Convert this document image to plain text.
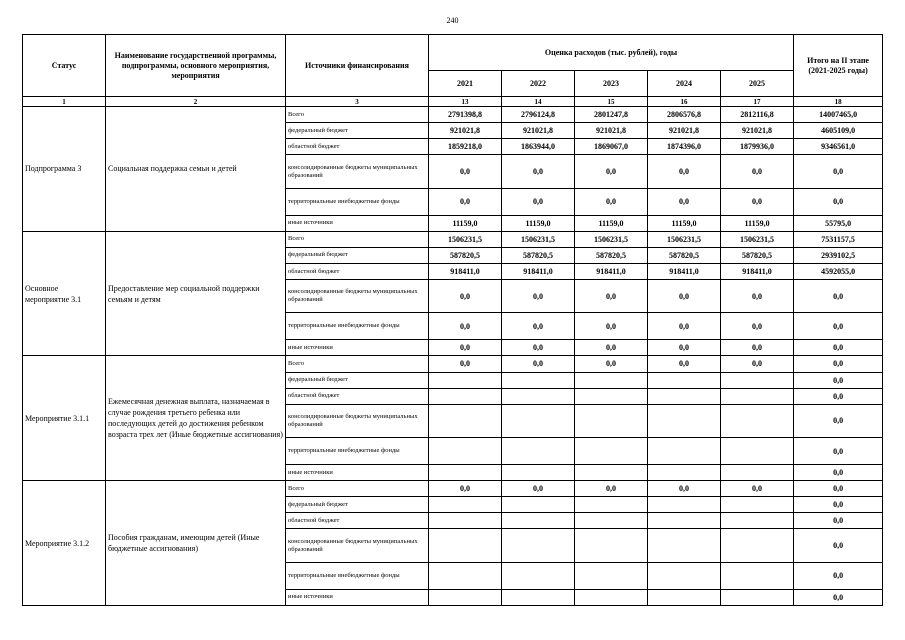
240
Статус	Наименование государственной программы, подпрограммы, основного мероприятия, мероприятия	Источники финансирования	Оценка расходов (тыс. рублей), годы					Итого на II этапе (2021-2025 годы)
			2021	2022	2023	2024	2025	
1	2	3	13	14	15	16	17	18
Подпрограмма 3	Социальная поддержка семьи и детей	Всего	2791398,8	2796124,8	2801247,8	2806576,8	2812116,8	14007465,0
		федеральный бюджет	921021,8	921021,8	921021,8	921021,8	921021,8	4605109,0
		областной бюджет	1859218,0	1863944,0	1869067,0	1874396,0	1879936,0	9346561,0
		консолидированные бюджеты муниципальных образований	0,0	0,0	0,0	0,0	0,0	0,0
		территориальные внебюджетные фонды	0,0	0,0	0,0	0,0	0,0	0,0
		иные источники	11159,0	11159,0	11159,0	11159,0	11159,0	55795,0
Основное мероприятие 3.1	Предоставление мер социальной поддержки семьям и детям	Всего	1506231,5	1506231,5	1506231,5	1506231,5	1506231,5	7531157,5
		федеральный бюджет	587820,5	587820,5	587820,5	587820,5	587820,5	2939102,5
		областной бюджет	918411,0	918411,0	918411,0	918411,0	918411,0	4592055,0
		консолидированные бюджеты муниципальных образований	0,0	0,0	0,0	0,0	0,0	0,0
		территориальные внебюджетные фонды	0,0	0,0	0,0	0,0	0,0	0,0
		иные источники	0,0	0,0	0,0	0,0	0,0	0,0
Мероприятие 3.1.1	Ежемесячная денежная выплата, назначаемая в случае рождения третьего ребенка или последующих детей до достижения ребенком возраста трех лет (Иные бюджетные ассигнования)	Всего	0,0	0,0	0,0	0,0	0,0	0,0
		федеральный бюджет						0,0
		областной бюджет						0,0
		консолидированные бюджеты муниципальных образований						0,0
		территориальные внебюджетные фонды						0,0
		иные источники						0,0
Мероприятие 3.1.2	Пособия гражданам, имеющим детей (Иные бюджетные ассигнования)	Всего	0,0	0,0	0,0	0,0	0,0	0,0
		федеральный бюджет						0,0
		областной бюджет						0,0
		консолидированные бюджеты муниципальных образований						0,0
		территориальные внебюджетные фонды						0,0
		иные источники						0,0
